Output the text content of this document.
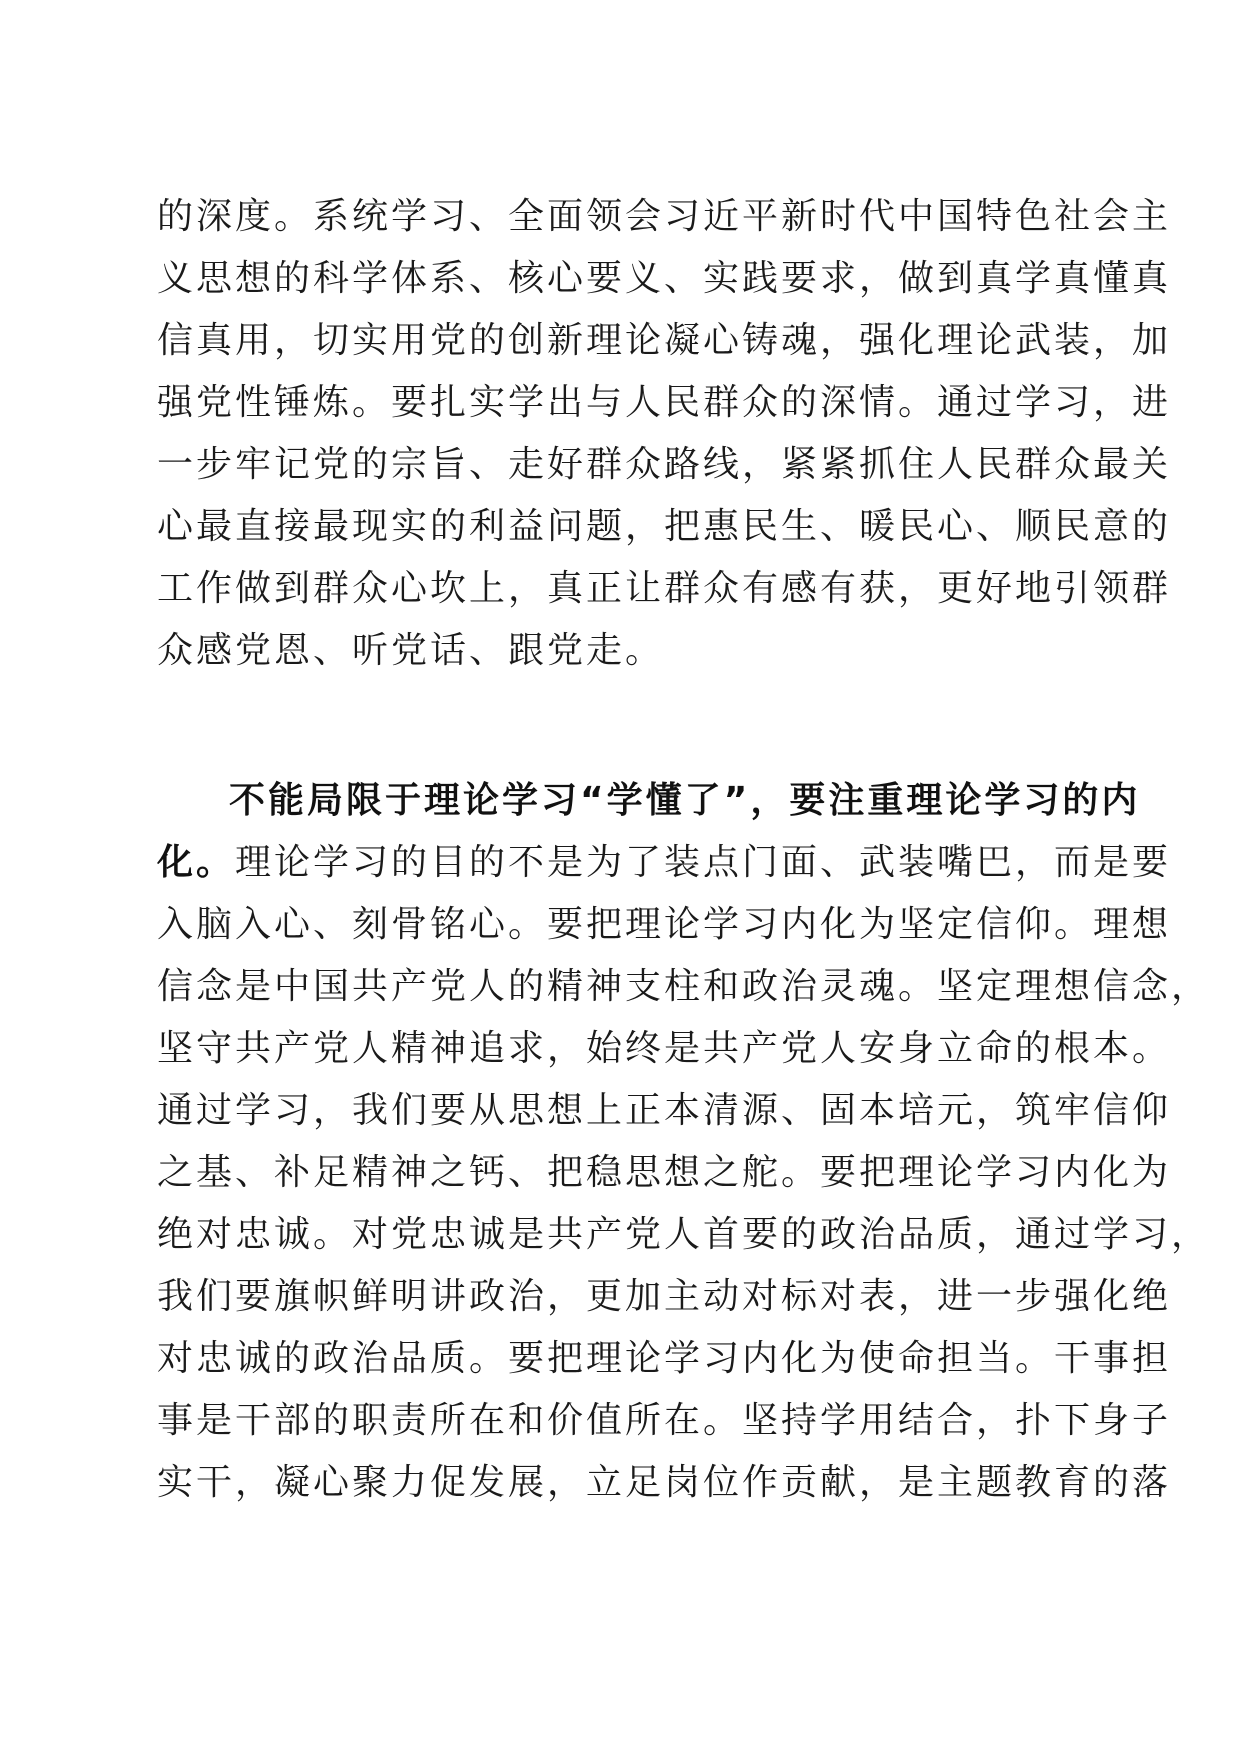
的深度。系统学习、全面领会习近平新时代中国特色社会主
义思想的科学体系、核心要义、实践要求，做到真学真懂真
信真用，切实用党的创新理论凝心铸魂，强化理论武装，加
强党性锤炼。要扎实学出与人民群众的深情。通过学习，进
一步牢记党的宗旨、走好群众路线，紧紧抓住人民群众最关
心最直接最现实的利益问题，把惠民生、暖民心、顺民意的
工作做到群众心坎上，真正让群众有感有获，更好地引领群
众感党恩、听党话、跟党走。
不能局限于理论学习“学懂了”，要注重理论学习的内
化。理论学习的目的不是为了装点门面、武装嘴巴，而是要
入脑入心、刻骨铭心。要把理论学习内化为坚定信仰。理想
信念是中国共产党人的精神支柱和政治灵魂。坚定理想信念，
坚守共产党人精神追求，始终是共产党人安身立命的根本。
通过学习，我们要从思想上正本清源、固本培元，筑牢信仰
之基、补足精神之钙、把稳思想之舵。要把理论学习内化为
绝对忠诚。对党忠诚是共产党人首要的政治品质，通过学习，
我们要旗帜鲜明讲政治，更加主动对标对表，进一步强化绝
对忠诚的政治品质。要把理论学习内化为使命担当。干事担
事是干部的职责所在和价值所在。坚持学用结合，扑下身子
实干，凝心聚力促发展，立足岗位作贡献，是主题教育的落
